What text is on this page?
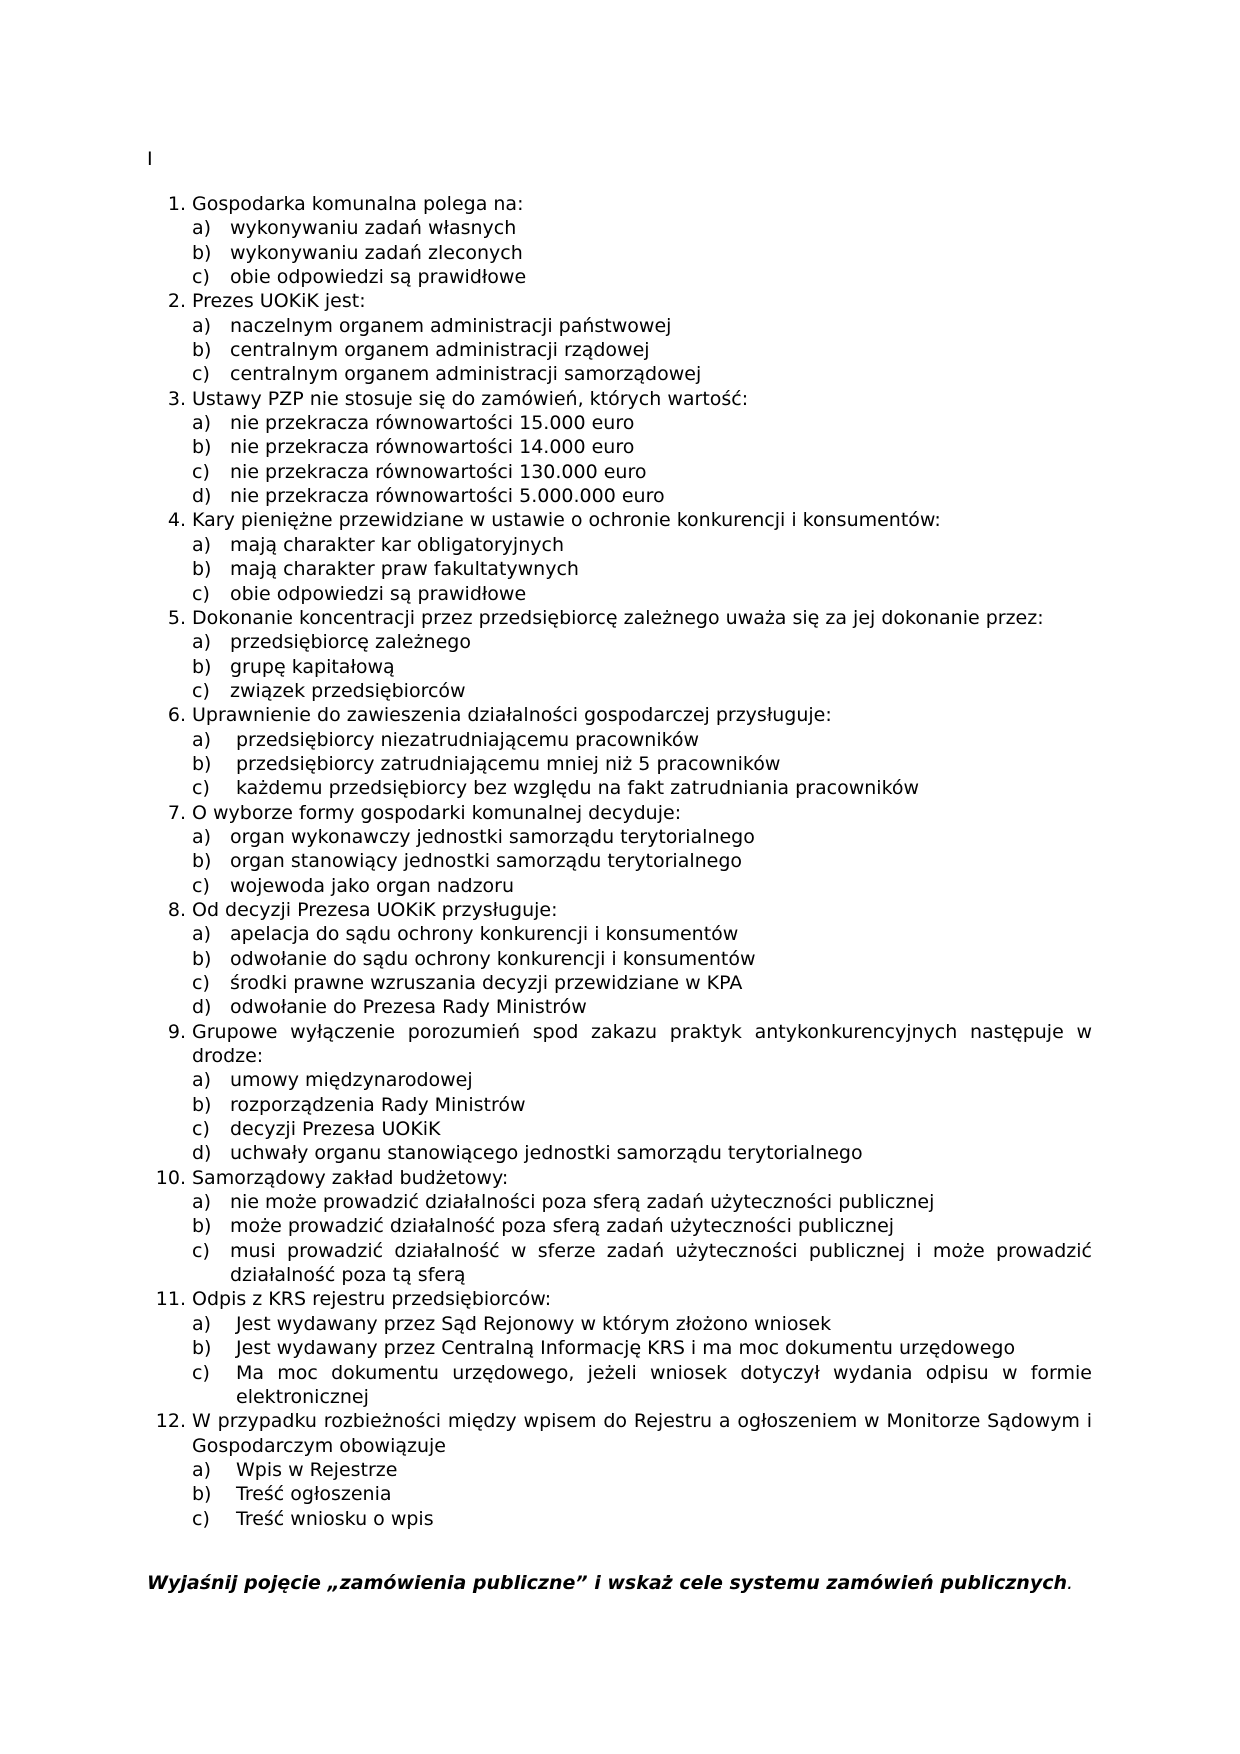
I
1. Gospodarka komunalna polega na:
a) wykonywaniu zadań własnych
b) wykonywaniu zadań zleconych
c) obie odpowiedzi są prawidłowe
2. Prezes UOKiK jest:
a) naczelnym organem administracji państwowej
b) centralnym organem administracji rządowej
c) centralnym organem administracji samorządowej
3. Ustawy PZP nie stosuje się do zamówień, których wartość:
a) nie przekracza równowartości 15.000 euro
b) nie przekracza równowartości 14.000 euro
c) nie przekracza równowartości 130.000 euro
d) nie przekracza równowartości 5.000.000 euro
4. Kary pieniężne przewidziane w ustawie o ochronie konkurencji i konsumentów:
a) mają charakter kar obligatoryjnych
b) mają charakter praw fakultatywnych
c) obie odpowiedzi są prawidłowe
5. Dokonanie koncentracji przez przedsiębiorcę zależnego uważa się za jej dokonanie przez:
a) przedsiębiorcę zależnego
b) grupę kapitałową
c) związek przedsiębiorców
6. Uprawnienie do zawieszenia działalności gospodarczej przysługuje:
a) przedsiębiorcy niezatrudniającemu pracowników
b) przedsiębiorcy zatrudniającemu mniej niż 5 pracowników
c) każdemu przedsiębiorcy bez względu na fakt zatrudniania pracowników
7. O wyborze formy gospodarki komunalnej decyduje:
a) organ wykonawczy jednostki samorządu terytorialnego
b) organ stanowiący jednostki samorządu terytorialnego
c) wojewoda jako organ nadzoru
8. Od decyzji Prezesa UOKiK przysługuje:
a) apelacja do sądu ochrony konkurencji i konsumentów
b) odwołanie do sądu ochrony konkurencji i konsumentów
c) środki prawne wzruszania decyzji przewidziane w KPA
d) odwołanie do Prezesa Rady Ministrów
9. Grupowe wyłączenie porozumień spod zakazu praktyk antykonkurencyjnych następuje w drodze:
a) umowy międzynarodowej
b) rozporządzenia Rady Ministrów
c) decyzji Prezesa UOKiK
d) uchwały organu stanowiącego jednostki samorządu terytorialnego
10. Samorządowy zakład budżetowy:
a) nie może prowadzić działalności poza sferą zadań użyteczności publicznej
b) może prowadzić działalność poza sferą zadań użyteczności publicznej
c) musi prowadzić działalność w sferze zadań użyteczności publicznej i może prowadzić działalność poza tą sferą
11. Odpis z KRS rejestru przedsiębiorców:
a) Jest wydawany przez Sąd Rejonowy w którym złożono wniosek
b) Jest wydawany przez Centralną Informację KRS i ma moc dokumentu urzędowego
c) Ma moc dokumentu urzędowego, jeżeli wniosek dotyczył wydania odpisu w formie elektronicznej
12. W przypadku rozbieżności między wpisem do Rejestru a ogłoszeniem w Monitorze Sądowym i Gospodarczym obowiązuje
a) Wpis w Rejestrze
b) Treść ogłoszenia
c) Treść wniosku o wpis
Wyjaśnij pojęcie „zamówienia publiczne” i wskaż cele systemu zamówień publicznych.
